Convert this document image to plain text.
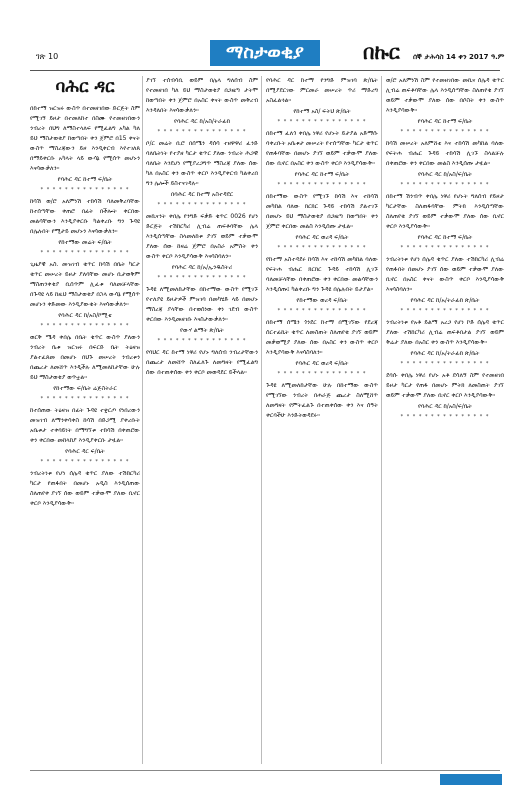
ገጽ 10	ማስታወቂያ	በኩር ሰኞ ታሕሳስ 14 ቀን 2017 ዓ.ም
ባሕር ዳር

በከተማ ዝርዝሩ ውስጥ በተመዘገበው ድርጅት ስም የሚገኝ ይዞታ በተመለከተ በስሙ የተመዘገበውን ንብረት በህግ ለማስተላለፍ የሚፈልግ አካል ካለ ይህ ማስታወቂያ ከወጣበት ቀን ጀምሮ በ15 ቀናት ውስጥ ማስረጃውን ይዞ እንዲቀርብ እየተገለጸ በማይቀርቡ አካላት ላይ ውሳኔ የሚሰጥ መሆኑን እናሳውቃለን።

የባሕር ዳር ከተማ ፍ/ቤት

* * * * * * * * * * * * * * *

ከሳሽ ወ/ሮ አለምነሽ ተከሳሽ ባለመቅረባቸው ከተሰጣቸው ቀጠሮ በፊት በችሎት ቀርበው መልሳቸውን እንዲያቀርቡ ካልቀረቡ ግን ጉዳዩ በሌሉበት የሚታይ መሆኑን እናሳውቃለን።

የከተማው መሬት ፍ/ቤት

* * * * * * * * * * * * * * *

ጊዜያዊ አስ. መዝገብ ቁጥር ከሳሽ በቤት ካርታ ቁጥር መሠረት ይዞታ ያለባቸው መሆኑ ቢታወቅም ማስጠንቀቂያ ቢሰጥም ሊፈቱ ባለመቻላቸው በጉዳዩ ላይ ከዚህ ማስታወቂያ በኋላ ውሳኔ የሚሰጥ መሆኑን ቀድመው እንዲያውቁት እናሳውቃለን።

የባሕር ዳር ከ/አስ/ኮሚቴ

* * * * * * * * * * * * * * *

ወርቅ ሜዳ ቀበሌ በቤት ቁጥር ውስጥ ያለውን ንብረት ቤቱ ዝርዝሩ በፍርድ ቤት ትዕዛዝ ያልተፈጸመ በመሆኑ በህጉ መሠረት ንብረቱን በጨረታ ለመሸጥ እንዲችሉ ለሚመለከታቸው ሁሉ ይህ ማስታወቂያ ወጥቷል።

የከተማው ፍ/ቤት ሬጅስትራር

* * * * * * * * * * * * * * *

ከተሰጠው ትዕዛዝ በፊት ጉዳዩ ተቋርጦ የነበረውን መዝገብ ለማንቀሳቀስ ከሳሽ በድጋሚ ያቀረቡት አቤቱታ ተቀባይነት በማግኘቱ ተከሳሽ በቀጠሮው ቀን ቀርበው መከላከያ እንዲያቀርቡ ታዟል።

የባሕር ዳር ፍ/ቤት

* * * * * * * * * * * * * * *

ንብረትነቱ የሆነ ሰሌዳ ቁጥር ያለው ተሽከርካሪ ካርታ የጠፋበት በመሆኑ አዲስ እንዲሰጠው ስለጠየቀ ያገኘ ሰው ወይም ተቃውሞ ያለው ቢኖር ቀርቦ እንዲያሳውቅ።

ያገኘ ተሰብሳቢ ወይም በሌላ ግለሰብ ስም የተመዘገበ ካለ ይህ ማስታወቂያ በጋዜጣ ታትሞ ከወጣበት ቀን ጀምሮ በአስር ቀናት ውስጥ መቅረብ እንዳለበት እናሳውቃለን።

የባሕር ዳር ከ/አስ/ትራፊክ

* * * * * * * * * * * * * * *

ቦ/ር መሬት ቢሮ በሰሜን ዳሰሳ ተዘዋዋሪ ፈንድ ባለቤትነት የተያዘ ካርታ ቁጥር ያለው ንብረት ሕጋዊ ባለቤት እንደሆነ የሚያረጋግጥ ማስረጃ ያለው ሰው ካለ በአስር ቀን ውስጥ ቀርቦ እንዲያቀርብ ካልቀረበ ግን ሌሎች ይስተናገዳሉ።

በባሕር ዳር ከተማ አስተዳደር

* * * * * * * * * * * * * * *

መኪናንት ቀበሌ የንግድ ፍቃድ ቁጥር 0026 የሆነ ድርጅት ተሽከርካሪ ሊብሬ ጠፍቶባቸው ሌላ እንዲሰጣቸው ስላመለከቱ ያገኘ ወይም ተቃውሞ ያለው ሰው ከዛሬ ጀምሮ በአስራ አምስት ቀን ውስጥ ቀርቦ እንዲያሳውቅ እናሳስባለን።

የባሕር ዳር ከ/አ/ኢንዱስትሪ

* * * * * * * * * * * * * * *

ጉዳዩ ለሚመለከታቸው በከተማው ውስጥ የሚገኙ የተለያዩ ይዞታዎች ምዝገባ በመካሄድ ላይ በመሆኑ ማስረጃ ያላቸው በተወሰነው ቀነ ገደብ ውስጥ ቀርበው እንዲመዘገቡ እናስታውቃለን።

የውሃ ልማት ጽ/ቤት

* * * * * * * * * * * * * * *

የባህር ዳር ከተማ ነዋሪ የሆኑ ግለሰብ ንብረታቸውን በጨረታ ለመሸጥ ስለፈለጉ ለመግዛት የሚፈልግ ሰው በተጠቀሰው ቀን ቀርቦ መወዳደር ይችላል።

የባሕር ዳር ከተማ የንግድ ምዝገባ ጽ/ቤት በሚያደርገው ምርመራ መሠረት ጥሪ ማድረግ አስፈልጓል።

የከተማ አስ/ ፍትህ ጽ/ቤት

* * * * * * * * * * * * * * *

በከተማ ፈለጎ ቀበሌ ነዋሪ የሆኑት ይታያል አድማሱ ባቀረቡት አቤቱታ መሠረት የተሰጣቸው ካርታ ቁጥር የጠፋባቸው በመሆኑ ያገኘ ወይም ተቃውሞ ያለው ሰው ቢኖር በአስር ቀን ውስጥ ቀርቦ እንዲያሳውቅ።

የባሕር ዳር ከተማ ፍ/ቤት

* * * * * * * * * * * * * * *

በከተማው ውስጥ የሚገኙ ከሳሽ እና ተከሳሽ መካከል ባለው ክርክር ጉዳይ ተከሳሽ ያልተገኙ በመሆኑ ይህ ማስታወቂያ በጋዜጣ ከወጣበት ቀን ጀምሮ ቀርበው መልስ እንዲሰጡ ታዟል።

የባሕር ዳር ወረዳ ፍ/ቤት

* * * * * * * * * * * * * * *

የከተማ አስተዳደሩ ከሳሽ እና ተከሳሽ መካከል ባለው የፍትሐ ብሔር ክርክር ጉዳይ ተከሳሽ ሊገኙ ባለመቻላቸው በቀጠሮው ቀን ቀርበው መልሳቸውን እንዲሰጡ፤ ካልቀረቡ ግን ጉዳዩ በሌሉበት ይታያል።

የከተማው ወረዳ ፍ/ቤት

* * * * * * * * * * * * * * *

በከተማ ሰሜን ጎንደር ከተማ በሚገኘው የደረጃ ሰርተፊኬት ቁጥር ለመስጠት ስለጠየቁ ያገኘ ወይም መቃወሚያ ያለው ሰው በአስር ቀን ውስጥ ቀርቦ እንዲያሳውቅ እናሳስባለን።

የባሕር ዳር ወረዳ ፍ/ቤት

* * * * * * * * * * * * * * *

ጉዳዩ ለሚመለከታቸው ሁሉ በከተማው ውስጥ የሚገኘው ንብረት በሐራጅ ጨረታ ስለሚሸጥ ለመግዛት የምትፈልጉ በተጠቀሰው ቀን እና ሰዓት ቀርባችሁ እንድትወዳደሩ።

ወ/ሮ አለምነሽ ስም የተመዘገበው መኪና ሰሌዳ ቁጥር ሊብሬ ጠፍቶባቸው ሌላ እንዲሰጣቸው ስለጠየቁ ያገኘ ወይም ተቃውሞ ያለው ሰው በሶስት ቀን ውስጥ እንዲያሳውቅ።

የባሕር ዳር ከተማ ፍ/ቤት

* * * * * * * * * * * * * * *

ከሳሽ መሠረት አለምሸቴ እና ተከሳሽ መካከል ባለው የፍትሐ ብሔር ጉዳይ ተከሳሽ ሊገኙ ስላልቻሉ በቀጠሮው ቀን ቀርበው መልስ እንዲሰጡ ታዟል።

የባሕር ዳር ከ/አስ/ፍ/ቤት

* * * * * * * * * * * * * * *

በከተማ ሽንብጥ ቀበሌ ነዋሪ የሆኑት ግለሰብ የይዞታ ካርታቸው ስለጠፋባቸው ምትክ እንዲሰጣቸው ስለጠየቁ ያገኘ ወይም ተቃውሞ ያለው ሰው ቢኖር ቀርቦ እንዲያሳውቅ።

የባሕር ዳር ከተማ ፍ/ቤት

* * * * * * * * * * * * * * *

ንብረትነቱ የሆነ ሰሌዳ ቁጥር ያለው ተሽከርካሪ ሊብሬ የጠፋበት በመሆኑ ያገኘ ሰው ወይም ተቃውሞ ያለው ቢኖር በአስር ቀናት ውስጥ ቀርቦ እንዲያሳውቅ እናሳስባለን።

የባሕር ዳር ከ/አ/ትራፊክ ጽ/ቤት

* * * * * * * * * * * * * * *

ንብረትነቱ የአቶ ይልማ አረጋ የሆነ ኮድ ሰሌዳ ቁጥር ያለው ተሽከርካሪ ሊብሬ ጠፍቶበታል ያገኘ ወይም ቅሬታ ያለው በአስር ቀን ውስጥ እንዲያሳውቅ።

የባሕር ዳር ከ/አ/ትራፊክ ጽ/ቤት

* * * * * * * * * * * * * * *

ደባሱ ቀበሌ ነዋሪ የሆኑ አቶ ደሳለኝ ስም የተመዘገበ ይዞታ ካርታ የጠፋ በመሆኑ ምትክ ለመስጠት ያገኘ ወይም ተቃውሞ ያለው ቢኖር ቀርቦ እንዲያሳውቅ።

የባሕር ዳር ከ/አስ/ፍ/ቤት

* * * * * * * * * * * * * * *
